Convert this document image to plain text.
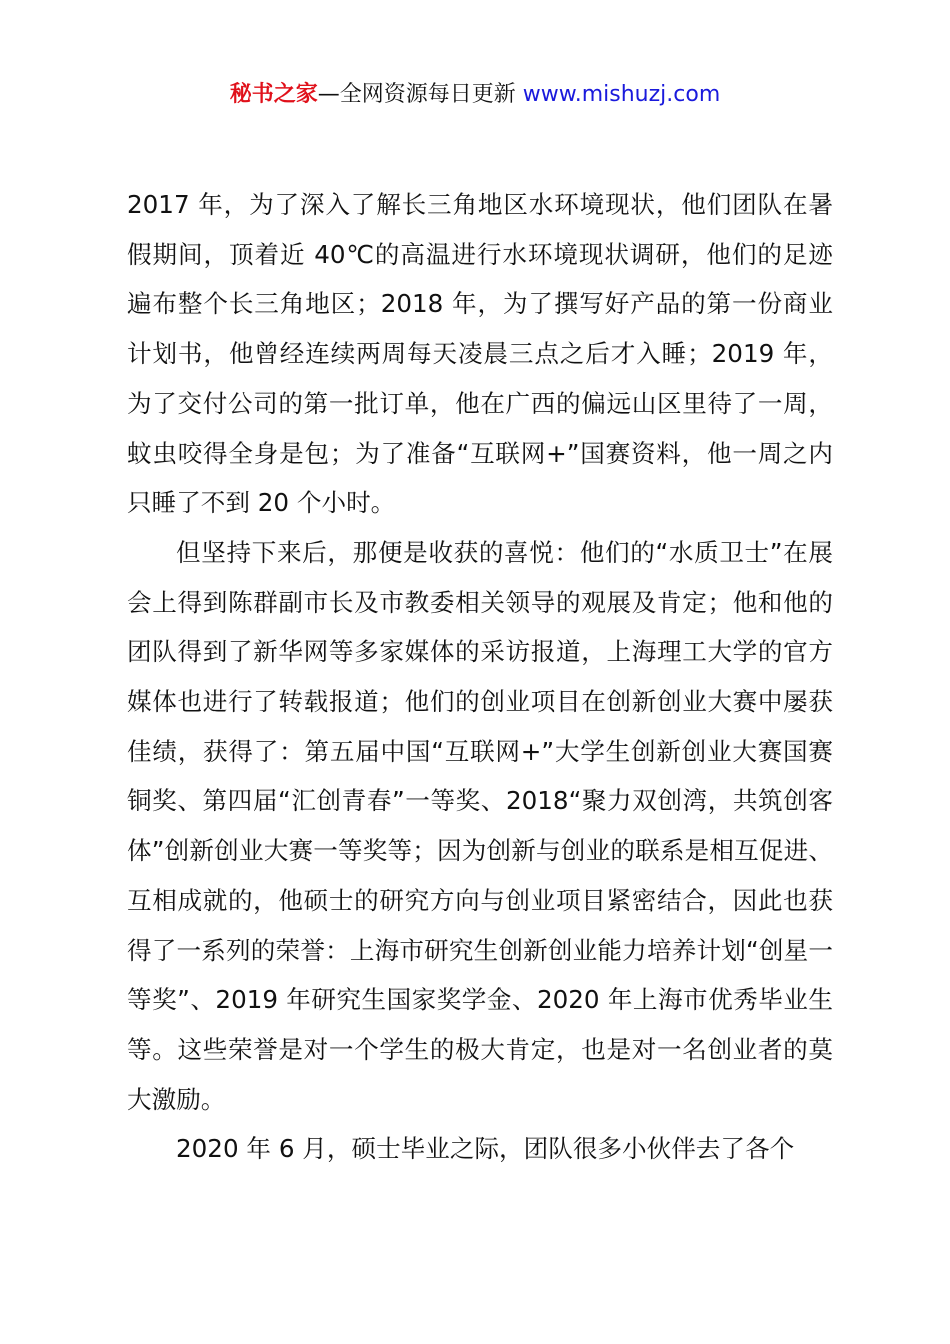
秘书之家—全网资源每日更新 www.mishuzj.com

2017 年，为了深入了解长三角地区水环境现状，他们团队在暑假期间，顶着近 40℃的高温进行水环境现状调研，他们的足迹遍布整个长三角地区；2018 年，为了撰写好产品的第一份商业计划书，他曾经连续两周每天凌晨三点之后才入睡；2019 年，为了交付公司的第一批订单，他在广西的偏远山区里待了一周，蚊虫咬得全身是包；为了准备“互联网+”国赛资料，他一周之内只睡了不到 20 个小时。

但坚持下来后，那便是收获的喜悦：他们的“水质卫士”在展会上得到陈群副市长及市教委相关领导的观展及肯定；他和他的团队得到了新华网等多家媒体的采访报道，上海理工大学的官方媒体也进行了转载报道；他们的创业项目在创新创业大赛中屡获佳绩，获得了：第五届中国“互联网+”大学生创新创业大赛国赛铜奖、第四届“汇创青春”一等奖、2018“聚力双创湾，共筑创客体”创新创业大赛一等奖等；因为创新与创业的联系是相互促进、互相成就的，他硕士的研究方向与创业项目紧密结合，因此也获得了一系列的荣誉：上海市研究生创新创业能力培养计划“创星一等奖”、2019 年研究生国家奖学金、2020 年上海市优秀毕业生等。这些荣誉是对一个学生的极大肯定，也是对一名创业者的莫大激励。

2020 年 6 月，硕士毕业之际，团队很多小伙伴去了各个
